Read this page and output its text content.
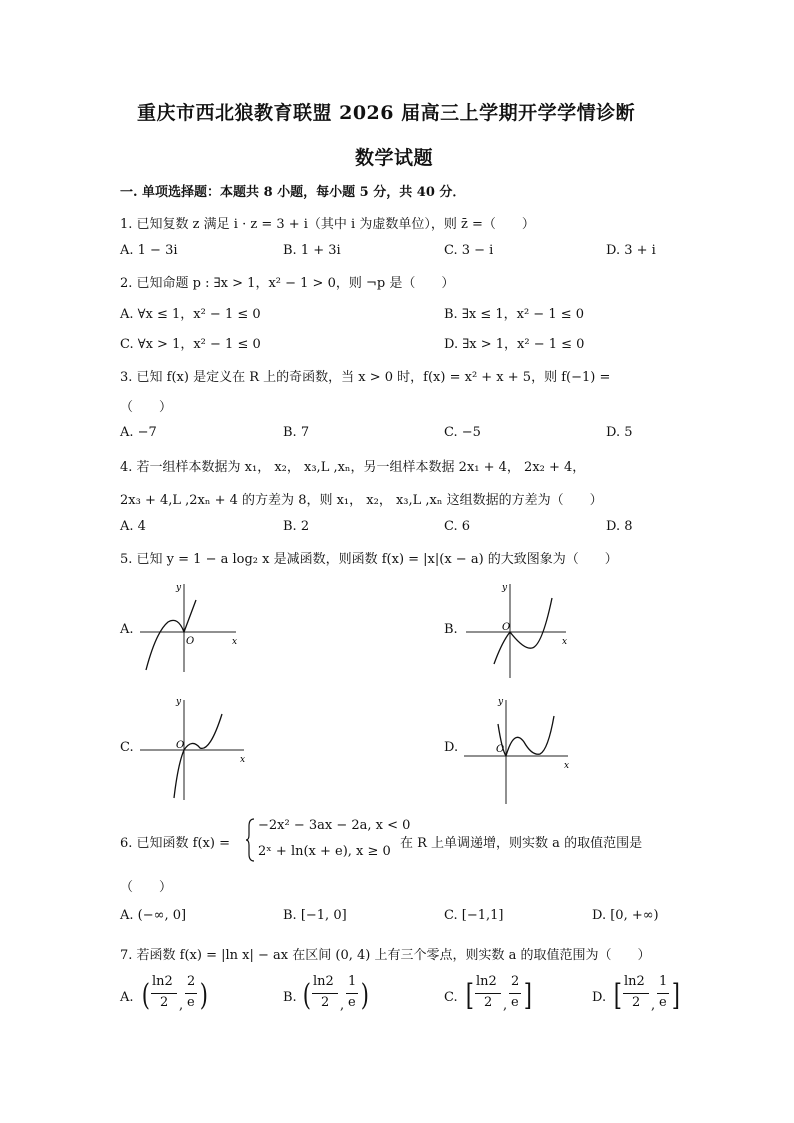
重庆市西北狼教育联盟 2026 届高三上学期开学学情诊断
数学试题
一. 单项选择题：本题共 8 小题，每小题 5 分，共 40 分．
1. 已知复数 z 满足 i · z = 3 + i（其中 i 为虚数单位），则 z̄ =（　　）
A. 1 − 3i	B. 1 + 3i	C. 3 − i	D. 3 + i
2. 已知命题 p : ∃x > 1，x² − 1 > 0，则 ¬p 是（　　）
A. ∀x ≤ 1，x² − 1 ≤ 0	B. ∃x ≤ 1，x² − 1 ≤ 0
C. ∀x > 1，x² − 1 ≤ 0	D. ∃x > 1，x² − 1 ≤ 0
3. 已知 f(x) 是定义在 R 上的奇函数，当 x > 0 时，f(x) = x² + x + 5，则 f(−1) =
（　　）
A. −7	B. 7	C. −5	D. 5
4. 若一组样本数据为 x₁， x₂， x₃,L ,xₙ，另一组样本数据 2x₁ + 4， 2x₂ + 4，
2x₃ + 4,L ,2xₙ + 4 的方差为 8，则 x₁， x₂， x₃,L ,xₙ 这组数据的方差为（　　）
A. 4	B. 2	C. 6	D. 8
5. 已知 y = 1 − a log₂ x 是减函数，则函数 f(x) = |x|(x − a) 的大致图象为（　　）
A.
y
x
O
B.
y
x
O
C.
y
x
O	D.
y
x
O
6. 已知函数 f(x) =
−2x² − 3ax − 2a, x < 0
2ˣ + ln(x + e), x ≥ 0
在 R 上单调递增，则实数 a 的取值范围是
（　　）
A. (−∞, 0]	B. [−1, 0]	C. [−1,1]	D. [0, +∞)
7. 若函数 f(x) = |ln x| − ax 在区间 (0, 4) 上有三个零点，则实数 a 的取值范围为（　　）
A. ( ln2
2 ,
2
e )	B. ( ln2
2 ,
1
e )	C. [ ln2
2 ,
2
e ]	D. [ ln2
2 ,
1
e ]
